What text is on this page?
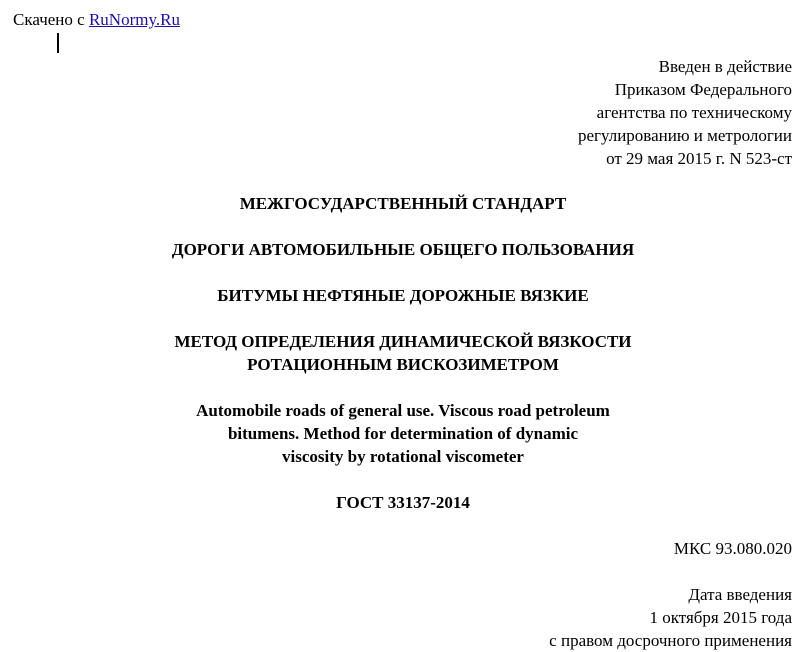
Скачено с RuNormy.Ru
Введен в действие
Приказом Федерального
агентства по техническому
регулированию и метрологии
от 29 мая 2015 г. N 523-ст
МЕЖГОСУДАРСТВЕННЫЙ СТАНДАРТ
ДОРОГИ АВТОМОБИЛЬНЫЕ ОБЩЕГО ПОЛЬЗОВАНИЯ
БИТУМЫ НЕФТЯНЫЕ ДОРОЖНЫЕ ВЯЗКИЕ
МЕТОД ОПРЕДЕЛЕНИЯ ДИНАМИЧЕСКОЙ ВЯЗКОСТИ
РОТАЦИОННЫМ ВИСКОЗИМЕТРОМ
Automobile roads of general use. Viscous road petroleum
bitumens. Method for determination of dynamic
viscosity by rotational viscometer
ГОСТ 33137-2014
МКС 93.080.020
Дата введения
1 октября 2015 года
с правом досрочного применения
